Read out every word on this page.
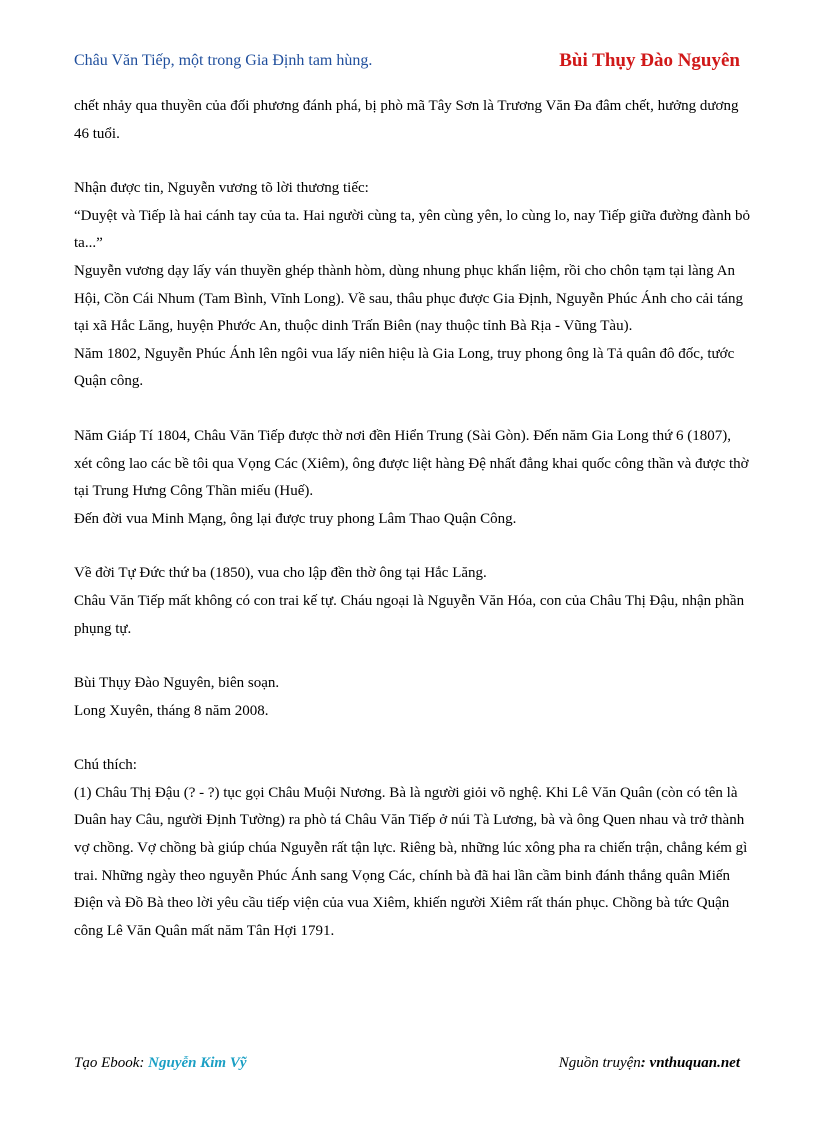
Châu Văn Tiếp, một trong Gia Định tam hùng.	Bùi Thụy Đào Nguyên

chết nhảy qua thuyền của đối phương đánh phá, bị phò mã Tây Sơn là Trương Văn Đa đâm chết, hưởng dương 46 tuổi.

Nhận được tin, Nguyễn vương tõ lời thương tiếc:

“Duyệt và Tiếp là hai cánh tay của ta. Hai người cùng ta, yên cùng yên, lo cùng lo, nay Tiếp giữa đường đành bỏ ta...”

Nguyễn vương dạy lấy ván thuyền ghép thành hòm, dùng nhung phục khẩn liệm, rồi cho chôn tạm tại làng An Hội, Cồn Cái Nhum (Tam Bình, Vĩnh Long). Về sau, thâu phục được Gia Định, Nguyễn Phúc Ánh cho cải táng tại xã Hắc Lăng, huyện Phước An, thuộc dinh Trấn Biên (nay thuộc tỉnh Bà Rịa - Vũng Tàu).

Năm 1802, Nguyễn Phúc Ánh lên ngôi vua lấy niên hiệu là Gia Long, truy phong ông là Tả quân đô đốc, tước Quận công.

Năm Giáp Tí 1804, Châu Văn Tiếp được thờ nơi đền Hiển Trung (Sài Gòn). Đến năm Gia Long thứ 6 (1807), xét công lao các bề tôi qua Vọng Các (Xiêm), ông được liệt hàng Đệ nhất đẳng khai quốc công thần và được thờ tại Trung Hưng Công Thần miếu (Huế).

Đến đời vua Minh Mạng, ông lại được truy phong Lâm Thao Quận Công.

Về đời Tự Đức thứ ba (1850), vua cho lập đền thờ ông tại Hắc Lăng.

Châu Văn Tiếp mất không có con trai kế tự. Cháu ngoại là Nguyễn Văn Hóa, con của Châu Thị Đậu, nhận phần phụng tự.

Bùi Thụy Đào Nguyên, biên soạn.

Long Xuyên, tháng 8 năm 2008.

Chú thích:

(1) Châu Thị Đậu (? - ?) tục gọi Châu Muội Nương. Bà là người giỏi võ nghệ. Khi Lê Văn Quân (còn có tên là Duân hay Câu, người Định Tường) ra phò tá Châu Văn Tiếp ở núi Tà Lương, bà và ông Quen nhau và trở thành vợ chồng. Vợ chồng bà giúp chúa Nguyễn rất tận lực. Riêng bà, những lúc xông pha ra chiến trận, chẳng kém gì trai. Những ngày theo nguyễn Phúc Ánh sang Vọng Các, chính bà đã hai lần cầm binh đánh thắng quân Miến Điện và Đồ Bà theo lời yêu cầu tiếp viện của vua Xiêm, khiến người Xiêm rất thán phục. Chồng bà tức Quận công Lê Văn Quân mất năm Tân Hợi 1791.

Tạo Ebook: Nguyễn Kim Vỹ	Nguồn truyện: vnthuquan.net
